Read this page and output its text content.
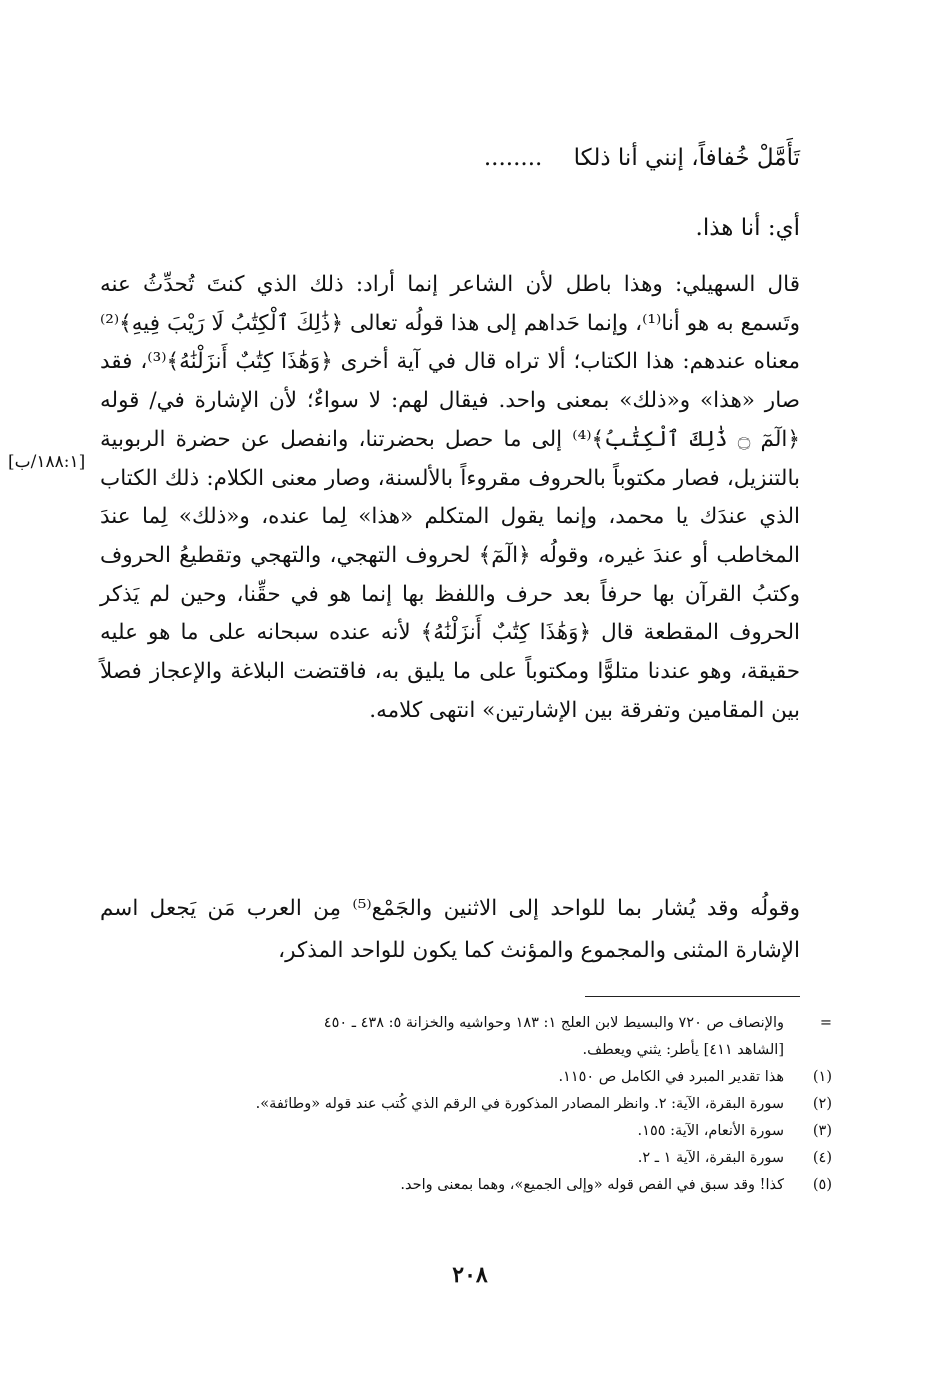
تَأَمَّلْ خُفافاً، إنني أنا ذلكا ........
أي: أنا هذا.
قال السهيلي: وهذا باطل لأن الشاعر إنما أراد: ذلك الذي كنتَ تُحدِّثُ عنه وتَسمع به هو أنا⁽¹⁾، وإنما حَداهم إلى هذا قولُه تعالى ﴿ذَٰلِكَ ٱلْكِتَٰبُ لَا رَيْبَ فِيهِ﴾⁽²⁾ معناه عندهم: هذا الكتاب؛ ألا تراه قال في آية أخرى ﴿وَهَٰذَا كِتَٰبٌ أَنزَلْنَٰهُ﴾⁽³⁾، فقد صار «هذا» و«ذلك» بمعنى واحد. فيقال لهم: لا سواءٌ؛ لأن الإشارة في/ قوله ﴿الٓمٓ ۝ ذَٰلِكَ ٱلْكِتَٰبُ﴾⁽⁴⁾ إلى ما حصل بحضرتنا، وانفصل عن حضرة الربوبية بالتنزيل، فصار مكتوباً بالحروف مقروءاً بالألسنة، وصار معنى الكلام: ذلك الكتاب الذي عندَك يا محمد، وإنما يقول المتكلم «هذا» لِما عنده، و«ذلك» لِما عندَ المخاطب أو عندَ غيره، وقولُه ﴿الٓمٓ﴾ لحروف التهجي، والتهجي وتقطيعُ الحروف وكتبُ القرآن بها حرفاً بعد حرف واللفظ بها إنما هو في حقِّنا، وحين لم يَذكر الحروف المقطعة قال ﴿وَهَٰذَا كِتَٰبٌ أَنزَلْنَٰهُ﴾ لأنه عنده سبحانه على ما هو عليه حقيقة، وهو عندنا متلوًّا ومكتوباً على ما يليق به، فاقتضت البلاغة والإعجاز فصلاً بين المقامين وتفرقة بين الإشارتين» انتهى كلامه.
[١٨٨:١/ب]
وقولُه وقد يُشار بما للواحد إلى الاثنين والجَمْع⁽⁵⁾ مِن العرب مَن يَجعل اسم الإشارة المثنى والمجموع والمؤنث كما يكون للواحد المذكر،
=
والإنصاف ص ٧٢٠ والبسيط لابن العلج ١: ١٨٣ وحواشيه والخزانة ٥: ٤٣٨ ـ ٤٥٠
[الشاهد ٤١١] يأطر: يثني ويعطف.
(١)
هذا تقدير المبرد في الكامل ص ١١٥٠.
(٢)
سورة البقرة، الآية: ٢. وانظر المصادر المذكورة في الرقم الذي كُتب عند قوله «وطائفة».
(٣)
سورة الأنعام، الآية: ١٥٥.
(٤)
سورة البقرة، الآية ١ ـ ٢.
(٥)
كذا! وقد سبق في الفص قوله «وإلى الجميع»، وهما بمعنى واحد.
٢٠٨
